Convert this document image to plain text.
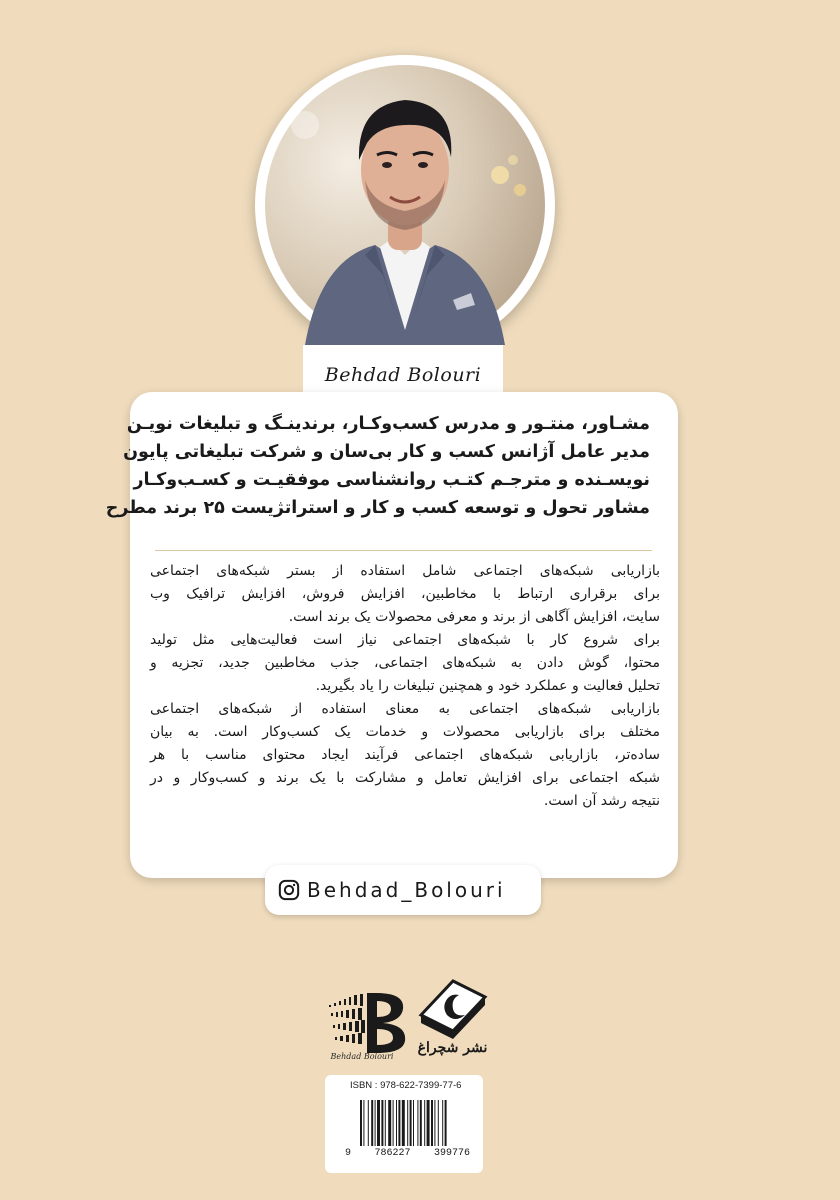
Behdad Bolouri
مشـاور، منتـور و مدرس کسب‌وکـار، برندینـگ و تبلیغات نویـن
مدیر عامل آژانس کسب و کار بی‌سان و شرکت تبلیغاتی پایون
نویسـنده و مترجـم کتـب روانشناسی موفقیـت و کسـب‌وکـار
مشاور تحول و توسعه کسب و کار و استراتژیست ۲۵ برند مطرح
بازاریابی شبکه‌های اجتماعی شامل استفاده از بستر شبکه‌های اجتماعی
برای برقراری ارتباط با مخاطبین، افزایش فروش، افزایش ترافیک وب
سایت، افزایش آگاهی از برند و معرفی محصولات یک برند است.
برای شروع کار با شبکه‌های اجتماعی نیاز است فعالیت‌هایی مثل تولید
محتوا، گوش دادن به شبکه‌های اجتماعی، جذب مخاطبین جدید، تجزیه و
تحلیل فعالیت و عملکرد خود و همچنین تبلیغات را یاد بگیرید.
بازاریابی شبکه‌های اجتماعی به معنای استفاده از شبکه‌های اجتماعی
مختلف برای بازاریابی محصولات و خدمات یک کسب‌وکار است. به بیان
ساده‌تر، بازاریابی شبکه‌های اجتماعی فرآیند ایجاد محتوای مناسب با هر
شبکه اجتماعی برای افزایش تعامل و مشارکت با یک برند و کسب‌وکار و در
نتیجه رشد آن است.
Behdad_Bolouri
Behdad Bolouri
نشر شچراغ
ISBN : 978-622-7399-77-6
9 786227 399776
